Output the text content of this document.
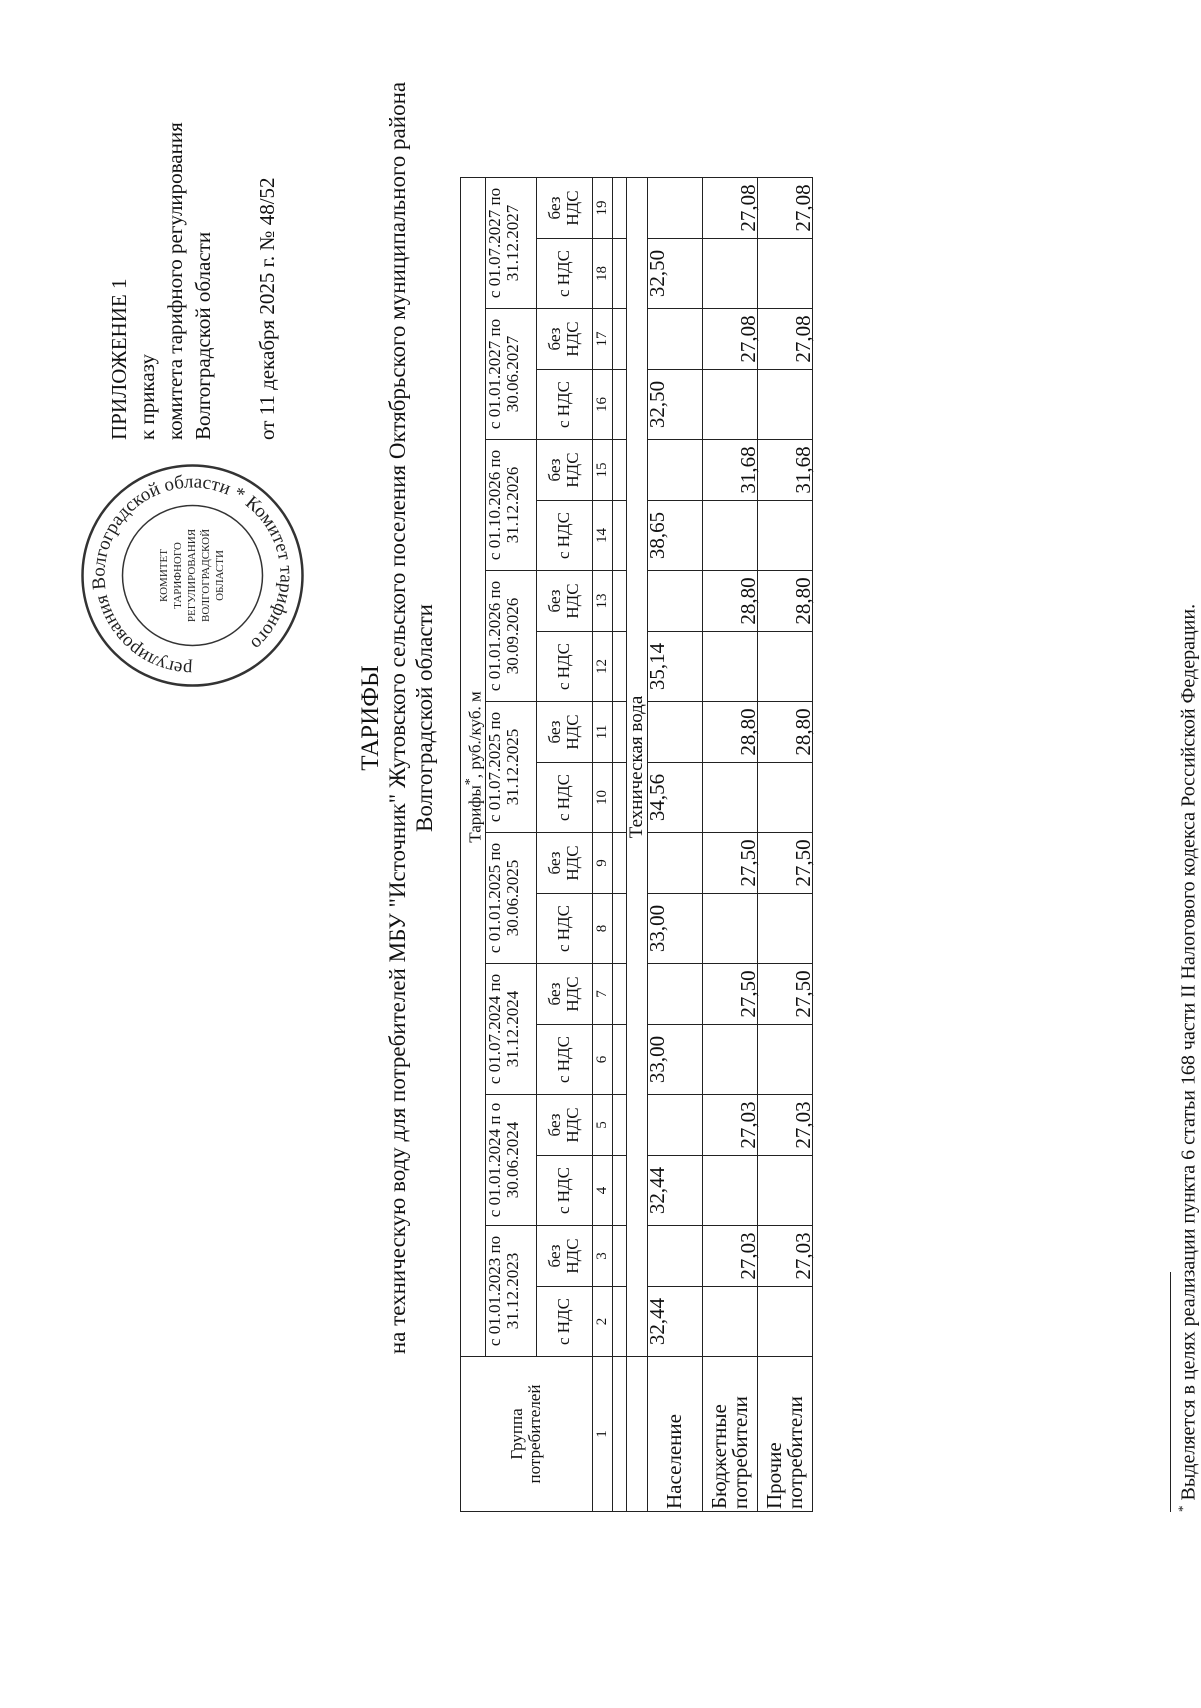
регулирования Волгоградской области * Комитет тарифного
КОМИТЕТ ТАРИФНОГО РЕГУЛИРОВАНИЯ ВОЛГОГРАДСКОЙ ОБЛАСТИ
ПРИЛОЖЕНИЕ 1 к приказу комитета тарифного регулирования Волгоградской области от 11 декабря 2025 г. № 48/52
ТАРИФЫ на техническую воду для потребителей МБУ "Источник" Жутовского сельского поселения Октябрьского муниципального района Волгоградской области
Группа потребителей	Тарифы*, руб./куб. м																	
	с 01.01.2023 по 31.12.2023		с 01.01.2024 п о 30.06.2024		с 01.07.2024 по 31.12.2024		с 01.01.2025 по 30.06.2025		с 01.07.2025 по 31.12.2025		с 01.01.2026 по 30.09.2026		с 01.10.2026 по 31.12.2026		с 01.01.2027 по 30.06.2027		с 01.07.2027 по 31.12.2027	
	с НДС	без НДС	с НДС	без НДС	с НДС	без НДС	с НДС	без НДС	с НДС	без НДС	с НДС	без НДС	с НДС	без НДС	с НДС	без НДС	с НДС	без НДС
1	2	3	4	5	6	7	8	9	10	11	12	13	14	15	16	17	18	19

	Техническая вода																	
Население	32,44		32,44		33,00		33,00		34,56		35,14		38,65		32,50		32,50	
Бюджетные потребители		27,03		27,03		27,50		27,50		28,80		28,80		31,68		27,08		27,08
Прочие потребители		27,03		27,03		27,50		27,50		28,80		28,80		31,68		27,08		27,08
* Выделяется в целях реализации пункта 6 статьи 168 части II Налогового кодекса Российской Федерации.
